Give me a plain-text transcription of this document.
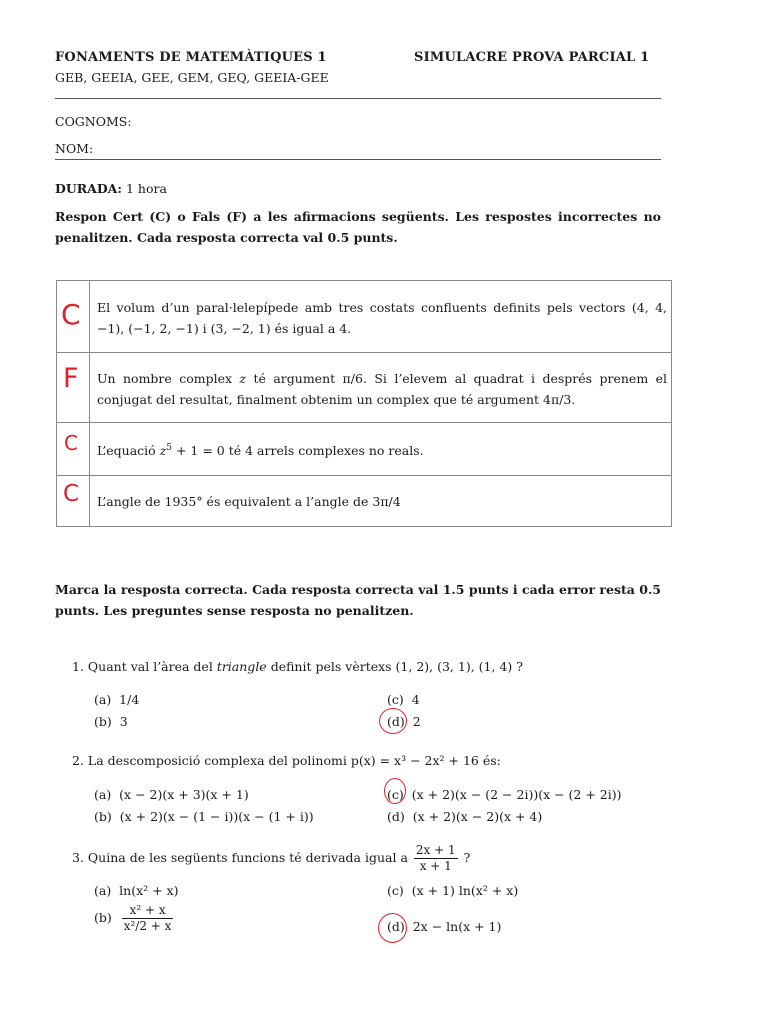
FONAMENTS DE MATEMÀTIQUES 1	SIMULACRE PROVA PARCIAL 1
GEB, GEEIA, GEE, GEM, GEQ, GEEIA-GEE
COGNOMS:
NOM:
DURADA: 1 hora
Respon Cert (C) o Fals (F) a les afirmacions següents. Les respostes incorrectes no penalitzen. Cada resposta correcta val 0.5 punts.
El volum d’un paral·lelepípede amb tres costats confluents definits pels vectors (4, 4, −1), (−1, 2, −1) i (3, −2, 1) és igual a 4.
Un nombre complex z té argument π/6. Si l’elevem al quadrat i després prenem el conjugat del resultat, finalment obtenim un complex que té argument 4π/3.
L’equació $z^5 + 1 = 0$ té 4 arrels complexes no reals.
L’angle de 1935° és equivalent a l’angle de 3π/4
C
F
C
C
Marca la resposta correcta. Cada resposta correcta val 1.5 punts i cada error resta 0.5 punts. Les preguntes sense resposta no penalitzen.
1. Quant val l’àrea del triangle definit pels vèrtexs (1, 2), (3, 1), (1, 4) ?
(a) 1/4
(b) 3
(c) 4
(d) 2
2. La descomposició complexa del polinomi p(x) = x³ − 2x² + 16 és:
(a) (x − 2)(x + 3)(x + 1)
(b) (x + 2)(x − (1 − i))(x − (1 + i))
(c) (x + 2)(x − (2 − 2i))(x − (2 + 2i))
(d) (x + 2)(x − 2)(x + 4)
3. Quina de les següents funcions té derivada igual a $\frac{2x + 1}{x + 1}$ ?
(a) ln(x² + x)
$(b) \frac{\text{x² + x}}{\text{x²/2 + x}}$
(c) (x + 1) ln(x² + x)
(d) 2x − ln(x + 1)
